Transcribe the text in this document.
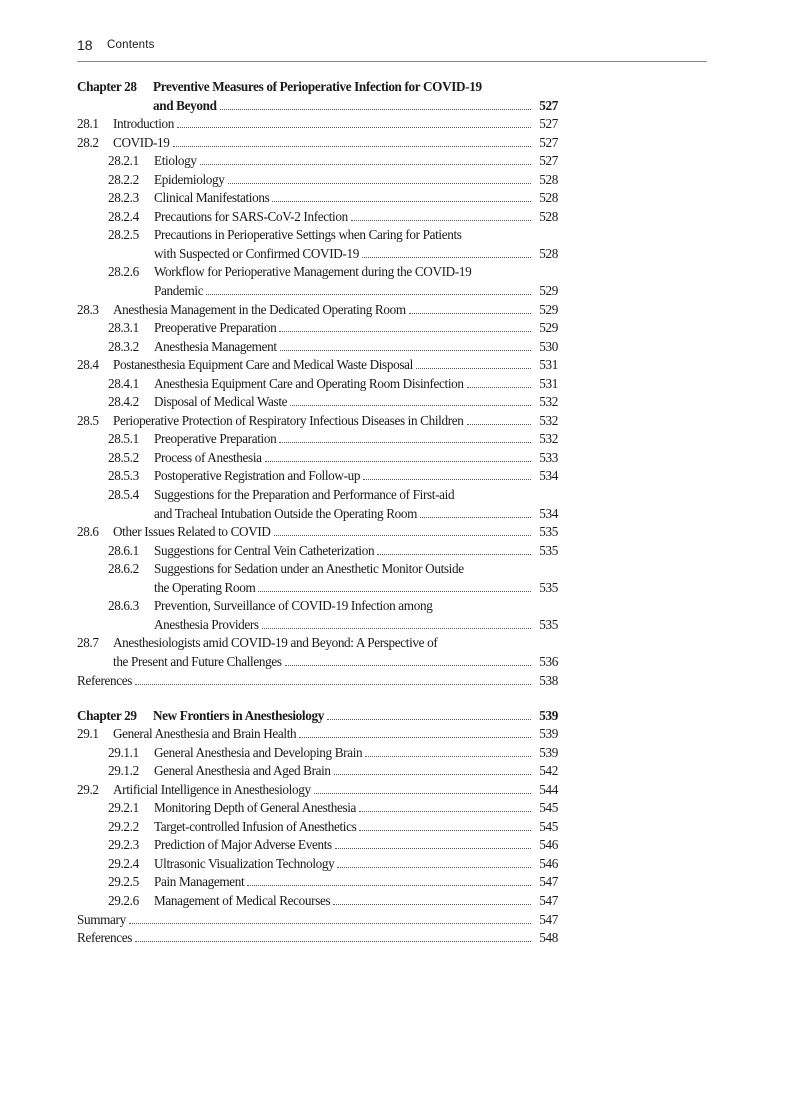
18 Contents
Chapter 28 Preventive Measures of Perioperative Infection for COVID-19
and Beyond	527
28.1 Introduction	527
28.2 COVID-19	527
28.2.1 Etiology	527
28.2.2 Epidemiology	528
28.2.3 Clinical Manifestations	528
28.2.4 Precautions for SARS-CoV-2 Infection	528
28.2.5 Precautions in Perioperative Settings when Caring for Patients
with Suspected or Confirmed COVID-19	528
28.2.6 Workflow for Perioperative Management during the COVID-19
Pandemic	529
28.3 Anesthesia Management in the Dedicated Operating Room	529
28.3.1 Preoperative Preparation	529
28.3.2 Anesthesia Management	530
28.4 Postanesthesia Equipment Care and Medical Waste Disposal	531
28.4.1 Anesthesia Equipment Care and Operating Room Disinfection	531
28.4.2 Disposal of Medical Waste	532
28.5 Perioperative Protection of Respiratory Infectious Diseases in Children	532
28.5.1 Preoperative Preparation	532
28.5.2 Process of Anesthesia	533
28.5.3 Postoperative Registration and Follow-up	534
28.5.4 Suggestions for the Preparation and Performance of First-aid
and Tracheal Intubation Outside the Operating Room	534
28.6 Other Issues Related to COVID	535
28.6.1 Suggestions for Central Vein Catheterization	535
28.6.2 Suggestions for Sedation under an Anesthetic Monitor Outside
the Operating Room	535
28.6.3 Prevention, Surveillance of COVID-19 Infection among
Anesthesia Providers	535
28.7 Anesthesiologists amid COVID-19 and Beyond: A Perspective of
the Present and Future Challenges	536
References	538
Chapter 29 New Frontiers in Anesthesiology	539
29.1 General Anesthesia and Brain Health	539
29.1.1 General Anesthesia and Developing Brain	539
29.1.2 General Anesthesia and Aged Brain	542
29.2 Artificial Intelligence in Anesthesiology	544
29.2.1 Monitoring Depth of General Anesthesia	545
29.2.2 Target-controlled Infusion of Anesthetics	545
29.2.3 Prediction of Major Adverse Events	546
29.2.4 Ultrasonic Visualization Technology	546
29.2.5 Pain Management	547
29.2.6 Management of Medical Recourses	547
Summary	547
References	548
